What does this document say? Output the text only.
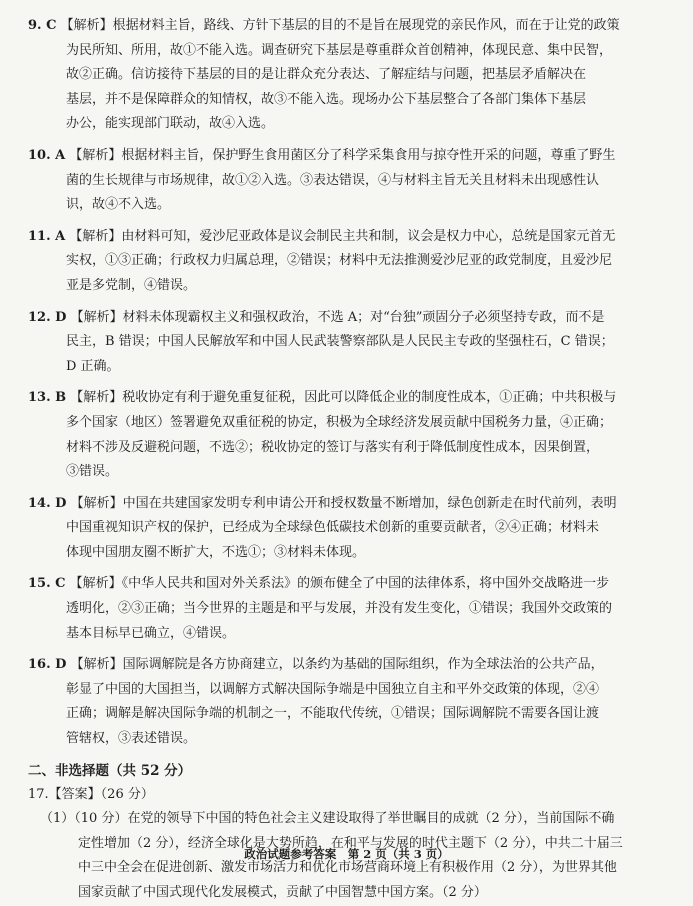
9. C 【解析】根据材料主旨，路线、方针下基层的目的不是旨在展现党的亲民作风，而在于让党的政策
为民所知、所用，故①不能入选。调查研究下基层是尊重群众首创精神，体现民意、集中民智，
故②正确。信访接待下基层的目的是让群众充分表达、了解症结与问题，把基层矛盾解决在
基层，并不是保障群众的知情权，故③不能入选。现场办公下基层整合了各部门集体下基层
办公，能实现部门联动，故④入选。
10. A 【解析】根据材料主旨，保护野生食用菌区分了科学采集食用与掠夺性开采的问题，尊重了野生
菌的生长规律与市场规律，故①②入选。③表达错误，④与材料主旨无关且材料未出现感性认
识，故④不入选。
11. A 【解析】由材料可知，爱沙尼亚政体是议会制民主共和制，议会是权力中心，总统是国家元首无
实权，①③正确；行政权力归属总理，②错误；材料中无法推测爱沙尼亚的政党制度，且爱沙尼
亚是多党制，④错误。
12. D 【解析】材料未体现霸权主义和强权政治，不选 A；对“台独”顽固分子必须坚持专政，而不是
民主，B 错误；中国人民解放军和中国人民武装警察部队是人民民主专政的坚强柱石，C 错误；
D 正确。
13. B 【解析】税收协定有利于避免重复征税，因此可以降低企业的制度性成本，①正确；中共积极与
多个国家（地区）签署避免双重征税的协定，积极为全球经济发展贡献中国税务力量，④正确；
材料不涉及反避税问题，不选②；税收协定的签订与落实有利于降低制度性成本，因果倒置，
③错误。
14. D 【解析】中国在共建国家发明专利申请公开和授权数量不断增加，绿色创新走在时代前列，表明
中国重视知识产权的保护，已经成为全球绿色低碳技术创新的重要贡献者，②④正确；材料未
体现中国朋友圈不断扩大，不选①；③材料未体现。
15. C 【解析】《中华人民共和国对外关系法》的颁布健全了中国的法律体系，将中国外交战略进一步
透明化，②③正确；当今世界的主题是和平与发展，并没有发生变化，①错误；我国外交政策的
基本目标早已确立，④错误。
16. D 【解析】国际调解院是各方协商建立，以条约为基础的国际组织，作为全球法治的公共产品，
彰显了中国的大国担当，以调解方式解决国际争端是中国独立自主和平外交政策的体现，②④
正确；调解是解决国际争端的机制之一，不能取代传统，①错误；国际调解院不需要各国让渡
管辖权，③表述错误。
二、非选择题（共 52 分）
17.【答案】（26 分）
（1）（10 分）在党的领导下中国的特色社会主义建设取得了举世瞩目的成就（2 分），当前国际不确
定性增加（2 分），经济全球化是大势所趋，在和平与发展的时代主题下（2 分），中共二十届三
中三中全会在促进创新、激发市场活力和优化市场营商环境上有积极作用（2 分），为世界其他
国家贡献了中国式现代化发展模式，贡献了中国智慧中国方案。（2 分）
政治试题参考答案　第 2 页（共 3 页）
